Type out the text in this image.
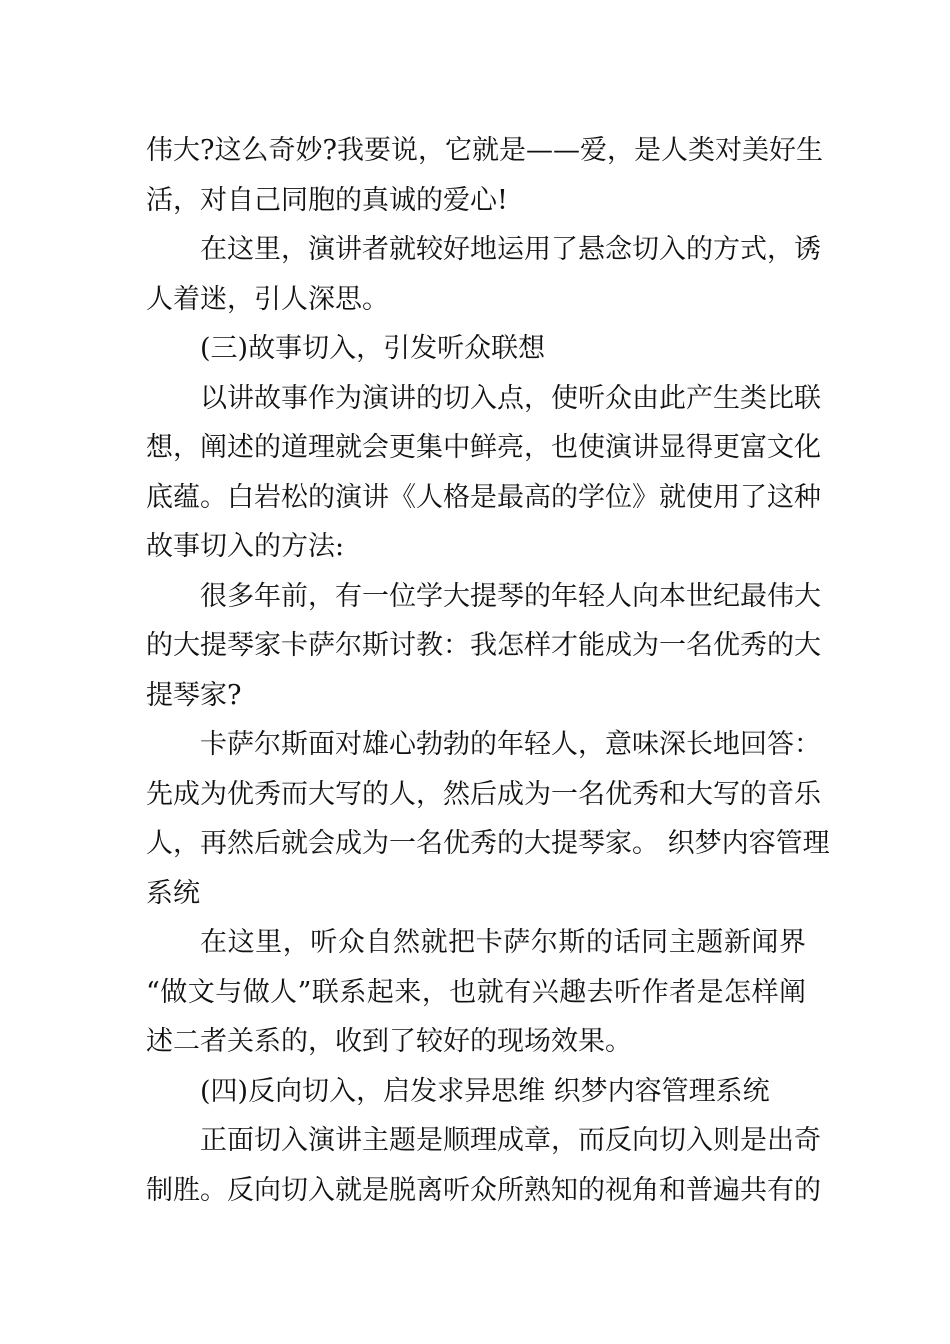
伟大?这么奇妙?我要说，它就是——爱，是人类对美好生
活，对自己同胞的真诚的爱心!
在这里，演讲者就较好地运用了悬念切入的方式，诱
人着迷，引人深思。
(三)故事切入，引发听众联想
以讲故事作为演讲的切入点，使听众由此产生类比联
想，阐述的道理就会更集中鲜亮，也使演讲显得更富文化
底蕴。白岩松的演讲《人格是最高的学位》就使用了这种
故事切入的方法:
很多年前，有一位学大提琴的年轻人向本世纪最伟大
的大提琴家卡萨尔斯讨教：我怎样才能成为一名优秀的大
提琴家?
卡萨尔斯面对雄心勃勃的年轻人，意味深长地回答：
先成为优秀而大写的人，然后成为一名优秀和大写的音乐
人，再然后就会成为一名优秀的大提琴家。 织梦内容管理
系统
在这里，听众自然就把卡萨尔斯的话同主题新闻界
“做文与做人”联系起来，也就有兴趣去听作者是怎样阐
述二者关系的，收到了较好的现场效果。
(四)反向切入，启发求异思维 织梦内容管理系统
正面切入演讲主题是顺理成章，而反向切入则是出奇
制胜。反向切入就是脱离听众所熟知的视角和普遍共有的
